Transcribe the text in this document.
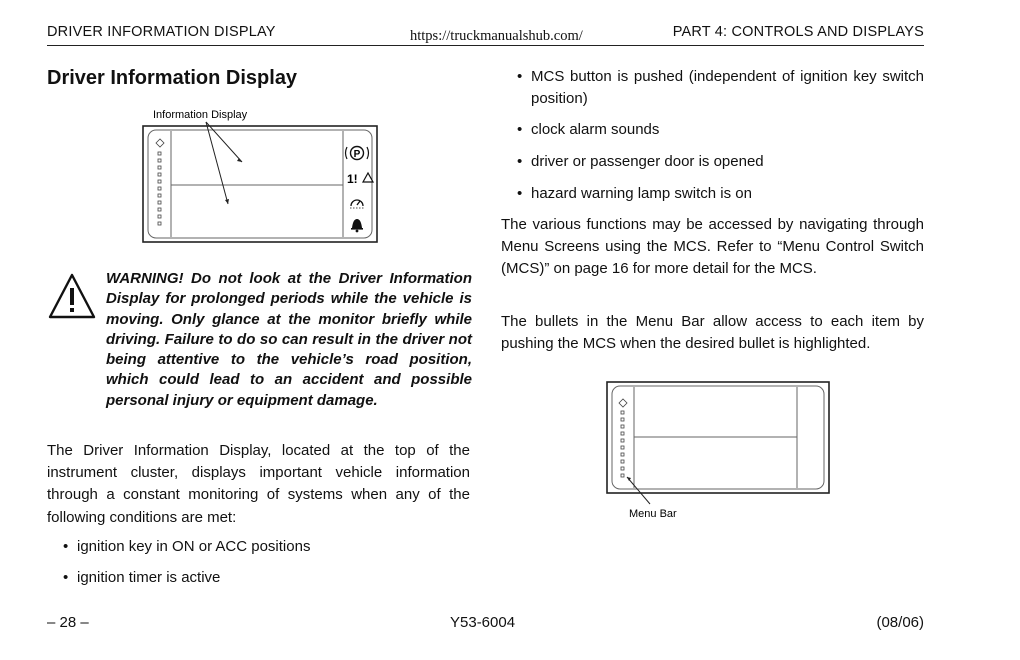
DRIVER INFORMATION DISPLAY	https://truckmanualshub.com/	PART 4: CONTROLS AND DISPLAYS
Driver Information Display
Information Display
P
1!
WARNING! Do not look at the Driver Information Display for prolonged periods while the vehicle is moving. Only glance at the monitor briefly while driving. Failure to do so can result in the driver not being attentive to the vehicle’s road position, which could lead to an accident and possible personal injury or equipment damage.

The Driver Information Display, located at the top of the instrument cluster, displays important vehicle information through a constant monitoring of systems when any of the following conditions are met:

• ignition key in ON or ACC positions

• ignition timer is active

• MCS button is pushed (independent of ignition key switch position)

• clock alarm sounds

• driver or passenger door is opened

• hazard warning lamp switch is on

The various functions may be accessed by navigating through Menu Screens using the MCS. Refer to “Menu Control Switch (MCS)” on page 16 for more detail for the MCS.

The bullets in the Menu Bar allow access to each item by pushing the MCS when the desired bullet is highlighted.

Menu Bar
– 28 –	Y53-6004	(08/06)
